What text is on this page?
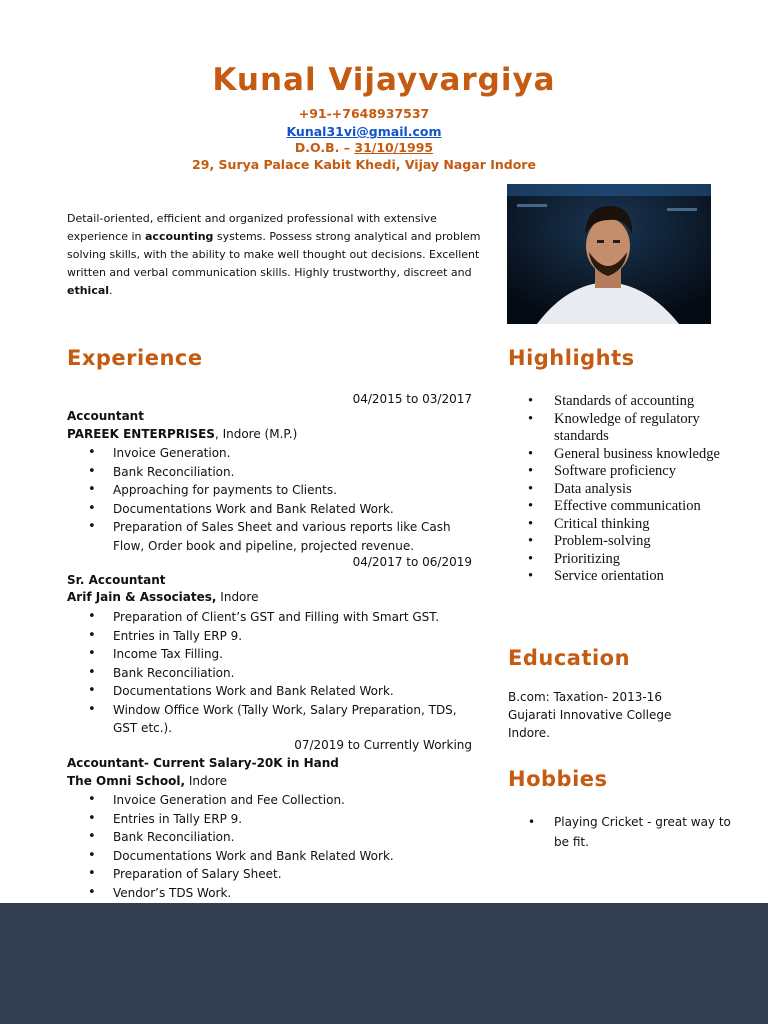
Kunal Vijayvargiya
+91-+7648937537
Kunal31vi@gmail.com
D.O.B. – 31/10/1995
29, Surya Palace Kabit Khedi, Vijay Nagar Indore
Detail-oriented, efficient and organized professional with extensive experience in accounting systems. Possess strong analytical and problem solving skills, with the ability to make well thought out decisions. Excellent written and verbal communication skills. Highly trustworthy, discreet and ethical.
Experience
04/2015 to 03/2017
Accountant
PAREEK ENTERPRISES, Indore (M.P.)
• Invoice Generation.
• Bank Reconciliation.
• Approaching for payments to Clients.
• Documentations Work and Bank Related Work.
• Preparation of Sales Sheet and various reports like Cash Flow, Order book and pipeline, projected revenue.
04/2017 to 06/2019
Sr. Accountant
Arif Jain & Associates, Indore
• Preparation of Client’s GST and Filling with Smart GST.
• Entries in Tally ERP 9.
• Income Tax Filling.
• Bank Reconciliation.
• Documentations Work and Bank Related Work.
• Window Office Work (Tally Work, Salary Preparation, TDS, GST etc.).
07/2019 to Currently Working
Accountant- Current Salary-20K in Hand
The Omni School, Indore
• Invoice Generation and Fee Collection.
• Entries in Tally ERP 9.
• Bank Reconciliation.
• Documentations Work and Bank Related Work.
• Preparation of Salary Sheet.
• Vendor’s TDS Work.
Highlights
• Standards of accounting
• Knowledge of regulatory standards
• General business knowledge
• Software proficiency
• Data analysis
• Effective communication
• Critical thinking
• Problem-solving
• Prioritizing
• Service orientation
Education
B.com: Taxation- 2013-16
Gujarati Innovative College
Indore.
Hobbies
• Playing Cricket - great way to be fit.
